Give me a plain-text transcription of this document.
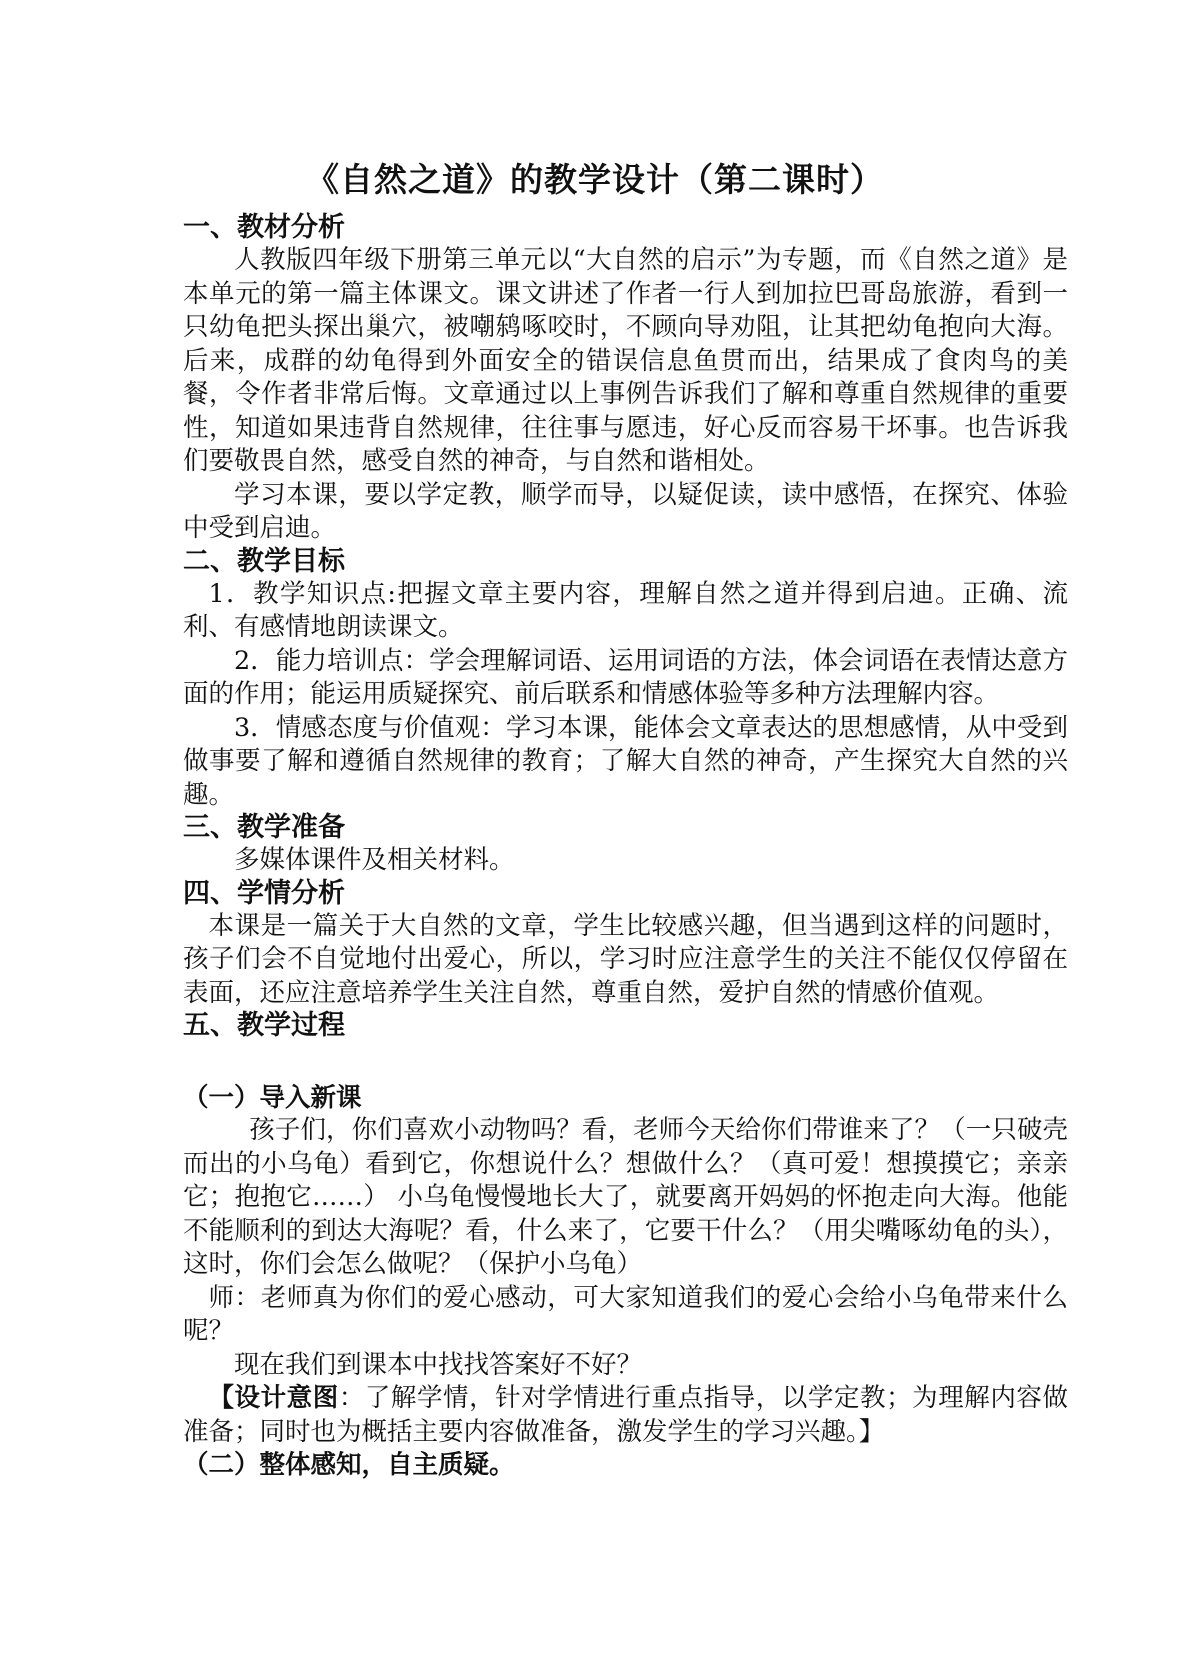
《自然之道》的教学设计（第二课时）

一、教材分析

人教版四年级下册第三单元以“大自然的启示”为专题，而《自然之道》是本单元的第一篇主体课文。课文讲述了作者一行人到加拉巴哥岛旅游，看到一只幼龟把头探出巢穴，被嘲鸫啄咬时，不顾向导劝阻，让其把幼龟抱向大海。后来，成群的幼龟得到外面安全的错误信息鱼贯而出，结果成了食肉鸟的美餐，令作者非常后悔。文章通过以上事例告诉我们了解和尊重自然规律的重要性，知道如果违背自然规律，往往事与愿违，好心反而容易干坏事。也告诉我们要敬畏自然，感受自然的神奇，与自然和谐相处。

学习本课，要以学定教，顺学而导，以疑促读，读中感悟，在探究、体验中受到启迪。

二、教学目标

1．教学知识点:把握文章主要内容，理解自然之道并得到启迪。正确、流利、有感情地朗读课文。

2．能力培训点：学会理解词语、运用词语的方法，体会词语在表情达意方面的作用；能运用质疑探究、前后联系和情感体验等多种方法理解内容。

3．情感态度与价值观：学习本课，能体会文章表达的思想感情，从中受到做事要了解和遵循自然规律的教育；了解大自然的神奇，产生探究大自然的兴趣。

三、教学准备

多媒体课件及相关材料。

四、学情分析

本课是一篇关于大自然的文章，学生比较感兴趣，但当遇到这样的问题时，孩子们会不自觉地付出爱心，所以，学习时应注意学生的关注不能仅仅停留在表面，还应注意培养学生关注自然，尊重自然，爱护自然的情感价值观。

五、教学过程

（一）导入新课

孩子们，你们喜欢小动物吗？看，老师今天给你们带谁来了？（一只破壳而出的小乌龟）看到它，你想说什么？想做什么？（真可爱！想摸摸它；亲亲它；抱抱它……） 小乌龟慢慢地长大了，就要离开妈妈的怀抱走向大海。他能不能顺利的到达大海呢？看，什么来了，它要干什么？（用尖嘴啄幼龟的头），这时，你们会怎么做呢？（保护小乌龟）

师：老师真为你们的爱心感动，可大家知道我们的爱心会给小乌龟带来什么呢？

现在我们到课本中找找答案好不好？

【设计意图：了解学情，针对学情进行重点指导，以学定教；为理解内容做准备；同时也为概括主要内容做准备，激发学生的学习兴趣。】

（二）整体感知，自主质疑。
